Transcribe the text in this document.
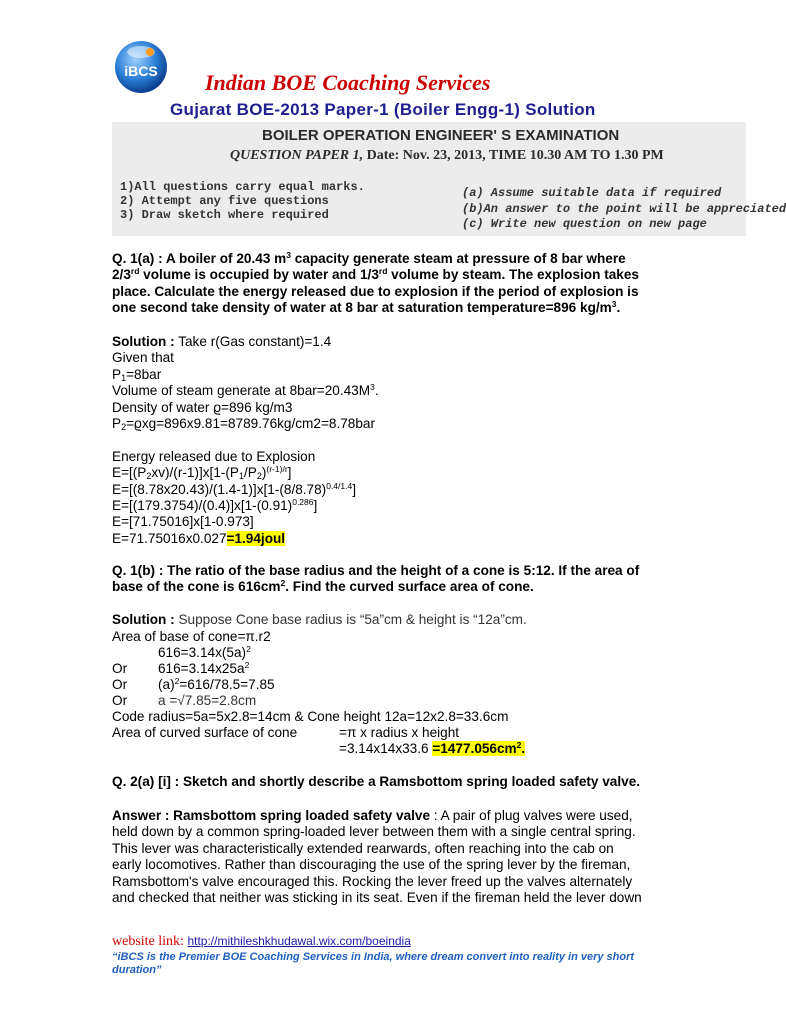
iBCS Indian BOE Coaching Services
Gujarat BOE-2013 Paper-1 (Boiler Engg-1) Solution
BOILER OPERATION ENGINEER' S EXAMINATION
QUESTION PAPER 1, Date: Nov. 23, 2013, TIME 10.30 AM TO 1.30 PM
1)All questions carry equal marks.
2) Attempt any five questions
3) Draw sketch where required
(a) Assume suitable data if required
(b)An answer to the point will be appreciated
(c) Write new question on new page
Q. 1(a) : A boiler of 20.43 $m^3$ capacity generate steam at pressure of 8 bar where
2/3rd volume is occupied by water and 1/3rd volume by steam. The explosion takes
place. Calculate the energy released due to explosion if the period of explosion is
one second take density of water at 8 bar at saturation temperature=896 $kg/m^3$.
Solution : Take r(Gas constant)=1.4
Given that
$P_1=8bar$
Volume of steam generate at $8bar=20.43M^3$.
Density of water ϱ=896 kg/m3
$P_2=ϱxg=896x9.81=8789.76kg/cm2=8.78bar$

Energy released due to Explosion
$E=[(P_2xv)/(r-1)]x[1-(P_1/P_2)^{(r-1)/r}]$
$E=[(8.78x20.43)/(1.4-1)]x[1-(8/8.78)^{0.4/1.4}]$
$E=[(179.3754)/(0.4)]x[1-(0.91)^{0.286}]$
E=[71.75016]x[1-0.973]
E=71.75016x0.027=1.94joul
Q. 1(b) : The ratio of the base radius and the height of a cone is 5:12. If the area of
base of the cone is $616cm^2$. Find the curved surface area of cone.
Solution : Suppose Cone base radius is “5a”cm & height is “12a”cm.
Area of base of cone=π.r2
$616=3.14x(5a)^2$
Or $616=3.14x25a^2$
Or $(a)^2=616/78.5=7.85$
Or a =√7.85=2.8cm
Code radius=5a=5x2.8=14cm & Cone height 12a=12x2.8=33.6cm
Area of curved surface of cone	=π x radius x height
$=3.14x14x33.6 =1477.056cm^2$.
Q. 2(a) [i] : Sketch and shortly describe a Ramsbottom spring loaded safety valve.
Answer : Ramsbottom spring loaded safety valve : A pair of plug valves were used,
held down by a common spring-loaded lever between them with a single central spring.
This lever was characteristically extended rearwards, often reaching into the cab on
early locomotives. Rather than discouraging the use of the spring lever by the fireman,
Ramsbottom's valve encouraged this. Rocking the lever freed up the valves alternately
and checked that neither was sticking in its seat. Even if the fireman held the lever down
website link: http://mithileshkhudawal.wix.com/boeindia
“iBCS is the Premier BOE Coaching Services in India, where dream convert into reality in very short duration”
